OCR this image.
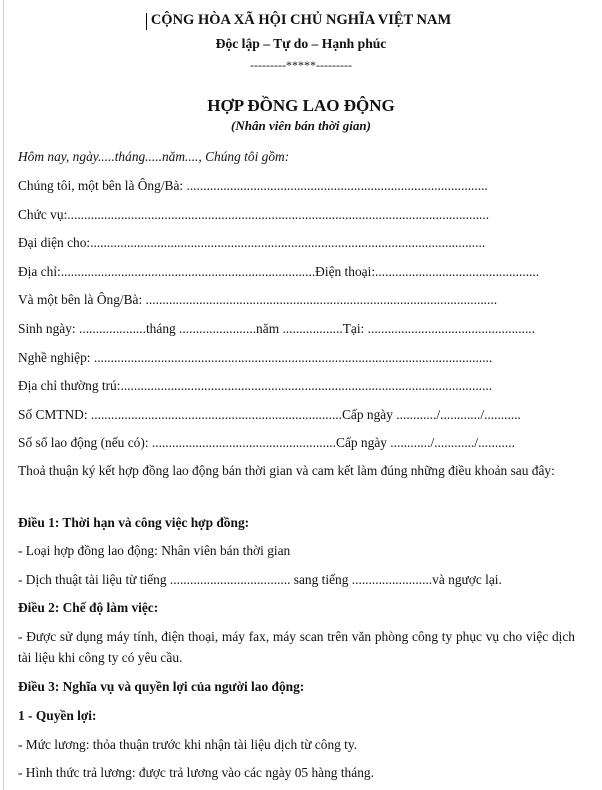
CỘNG HÒA XÃ HỘI CHỦ NGHĨA VIỆT NAM
Độc lập – Tự do – Hạnh phúc
---------*****---------
HỢP ĐỒNG LAO ĐỘNG
(Nhân viên bán thời gian)
Hôm nay, ngày.....tháng.....năm...., Chúng tôi gồm:
Chúng tôi, một bên là Ông/Bà: ..........................................................................................
Chức vụ:..............................................................................................................................
Đại diện cho:......................................................................................................................
Địa chỉ:............................................................................Điện thoại:.................................................
Và một bên là Ông/Bà: .........................................................................................................
Sinh ngày: ....................tháng .......................năm ..................Tại: ..................................................
Nghề nghiệp: .......................................................................................................................
Địa chỉ thường trú:...............................................................................................................
Số CMTND: ...........................................................................Cấp ngày ............/............/...........
Số sổ lao động (nếu có): .......................................................Cấp ngày ............/............/...........
Thoả thuận ký kết hợp đồng lao động bán thời gian và cam kết làm đúng những điều khoản sau đây:
Điều 1: Thời hạn và công việc hợp đồng:
- Loại hợp đồng lao động: Nhân viên bán thời gian
- Dịch thuật tài liệu từ tiếng .................................... sang tiếng ........................và ngược lại.
Điều 2: Chế độ làm việc:
- Được sử dụng máy tính, điện thoại, máy fax, máy scan trên văn phòng công ty phục vụ cho việc dịch tài liệu khi công ty có yêu cầu.
Điều 3: Nghĩa vụ và quyền lợi của người lao động:
1 - Quyền lợi:
- Mức lương: thỏa thuận trước khi nhận tài liệu dịch từ công ty.
- Hình thức trả lương: được trả lương vào các ngày 05 hàng tháng.
